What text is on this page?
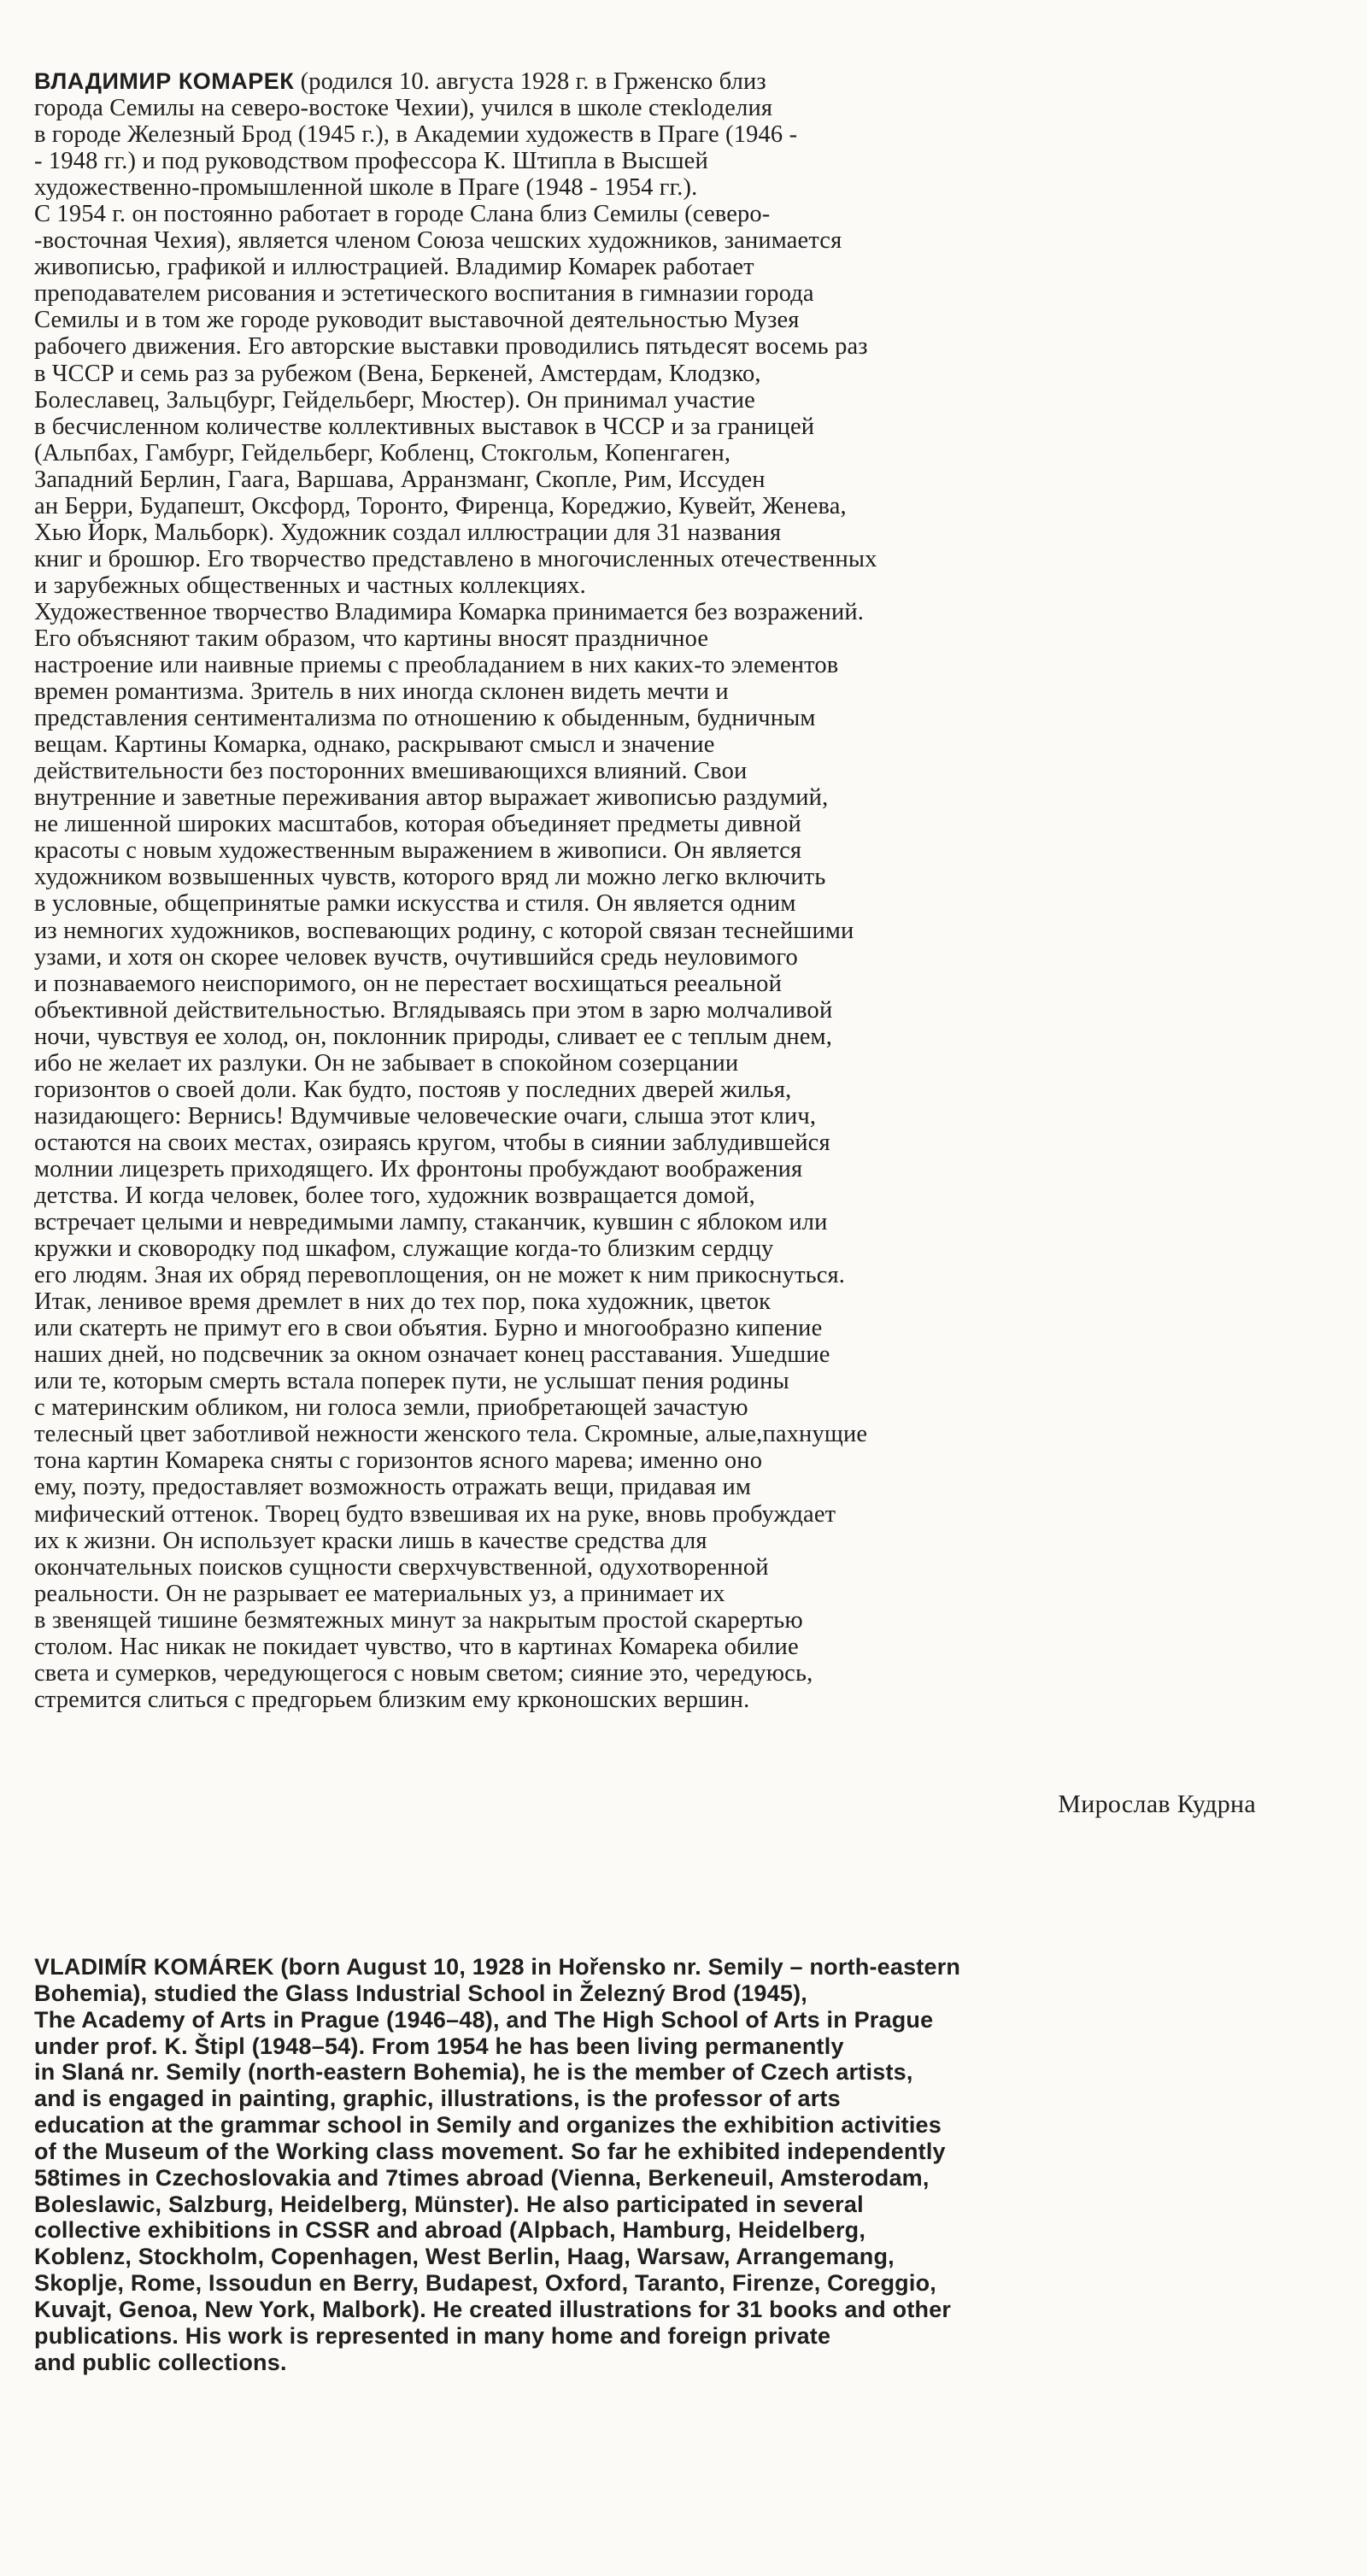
ВЛАДИМИР КОМАРЕК (родился 10. августа 1928 г. в Грженско близ
города Семилы на северо-востоке Чехии), учился в школе стекloделия
в городе Железный Брод (1945 г.), в Академии художеств в Праге (1946 -
- 1948 гг.) и под руководством профессора К. Штипла в Высшей
художественно-промышленной школе в Праге (1948 - 1954 гг.).
С 1954 г. он постоянно работает в городе Слана близ Семилы (северо-
-восточная Чехия), является членом Союза чешских художников, занимается
живописью, графикой и иллюстрацией. Владимир Комарек работает
преподавателем рисования и эстетического воспитания в гимназии города
Семилы и в том же городе руководит выставочной деятельностью Музея
рабочего движения. Его авторские выставки проводились пятьдесят восемь раз
в ЧССР и семь раз за рубежом (Вена, Беркеней, Амстердам, Клодзко,
Болеславец, Зальцбург, Гейдельберг, Мюстер). Он принимал участие
в бесчисленном количестве коллективных выставок в ЧССР и за границей
(Альпбах, Гамбург, Гейдельберг, Кобленц, Стокгольм, Копенгаген,
Западний Берлин, Гаага, Варшава, Арранзманг, Скопле, Рим, Иссуден
ан Берри, Будапешт, Оксфорд, Торонто, Фиренца, Кореджио, Кувейт, Женева,
Хью Йорк, Мальборк). Художник создал иллюстрации для 31 названия
книг и брошюр. Его творчество представлено в многочисленных отечественных
и зарубежных общественных и частных коллекциях.
Художественное творчество Владимира Комарка принимается без возражений.
Его объясняют таким образом, что картины вносят праздничное
настроение или наивные приемы с преобладанием в них каких-то элементов
времен романтизма. Зритель в них иногда склонен видеть мечти и
представления сентиментализма по отношению к обыденным, будничным
вещам. Картины Комарка, однако, раскрывают смысл и значение
действительности без посторонних вмешивающихся влияний. Свои
внутренние и заветные переживания автор выражает живописью раздумий,
не лишенной широких масштабов, которая объединяет предметы дивной
красоты с новым художественным выражением в живописи. Он является
художником возвышенных чувств, которого вряд ли можно легко включить
в условные, общепринятые рамки искусства и стиля. Он является одним
из немногих художников, воспевающих родину, с которой связан теснейшими
узами, и хотя он скорее человек вучств, очутившийся средь неуловимого
и познаваемого неиспоримого, он не перестает восхищаться рееальной
объективной действительностью. Вглядываясь при этом в зарю молчаливой
ночи, чувствуя ее холод, он, поклонник природы, сливает ее с теплым днем,
ибо не желает их разлуки. Он не забывает в спокойном созерцании
горизонтов о своей доли. Как будто, постояв у последних дверей жилья,
назидающего: Вернись! Вдумчивые человеческие очаги, слыша этот клич,
остаются на своих местах, озираясь кругом, чтобы в сиянии заблудившейся
молнии лицезреть приходящего. Их фронтоны пробуждают воображения
детства. И когда человек, более того, художник возвращается домой,
встречает целыми и невредимыми лампу, стаканчик, кувшин с яблоком или
кружки и сковородку под шкафом, служащие когда-то близким сердцу
его людям. Зная их обряд перевоплощения, он не может к ним прикоснуться.
Итак, ленивое время дремлет в них до тех пор, пока художник, цветок
или скатерть не примут его в свои объятия. Бурно и многообразно кипение
наших дней, но подсвечник за окном означает конец расставания. Ушедшие
или те, которым смерть встала поперек пути, не услышат пения родины
с материнским обликом, ни голоса земли, приобретающей зачастую
телесный цвет заботливой нежности женского тела. Скромные, алые,пахнущие
тона картин Комарека сняты с горизонтов ясного марева; именно оно
ему, поэту, предоставляет возможность отражать вещи, придавая им
мифический оттенок. Творец будто взвешивая их на руке, вновь пробуждает
их к жизни. Он использует краски лишь в качестве средства для
окончательных поисков сущности сверхчувственной, одухотворенной
реальности. Он не разрывает ее материальных уз, а принимает их
в звенящей тишине безмятежных минут за накрытым простой скарертью
столом. Нас никак не покидает чувство, что в картинах Комарека обилие
света и сумерков, чередующегося с новым светом; сияние это, чередуюсь,
стремится слиться с предгорьем близким ему крконошских вершин.
Мирослав Кудрна
VLADIMÍR KOMÁREK (born August 10, 1928 in Hořensko nr. Semily – north-eastern
Bohemia), studied the Glass Industrial School in Železný Brod (1945),
The Academy of Arts in Prague (1946–48), and The High School of Arts in Prague
under prof. K. Štipl (1948–54). From 1954 he has been living permanently
in Slaná nr. Semily (north-eastern Bohemia), he is the member of Czech artists,
and is engaged in painting, graphic, illustrations, is the professor of arts
education at the grammar school in Semily and organizes the exhibition activities
of the Museum of the Working class movement. So far he exhibited independently
58times in Czechoslovakia and 7times abroad (Vienna, Berkeneuil, Amsterodam,
Boleslawic, Salzburg, Heidelberg, Münster). He also participated in several
collective exhibitions in CSSR and abroad (Alpbach, Hamburg, Heidelberg,
Koblenz, Stockholm, Copenhagen, West Berlin, Haag, Warsaw, Arrangemang,
Skoplje, Rome, Issoudun en Berry, Budapest, Oxford, Taranto, Firenze, Coreggio,
Kuvajt, Genoa, New York, Malbork). He created illustrations for 31 books and other
publications. His work is represented in many home and foreign private
and public collections.
